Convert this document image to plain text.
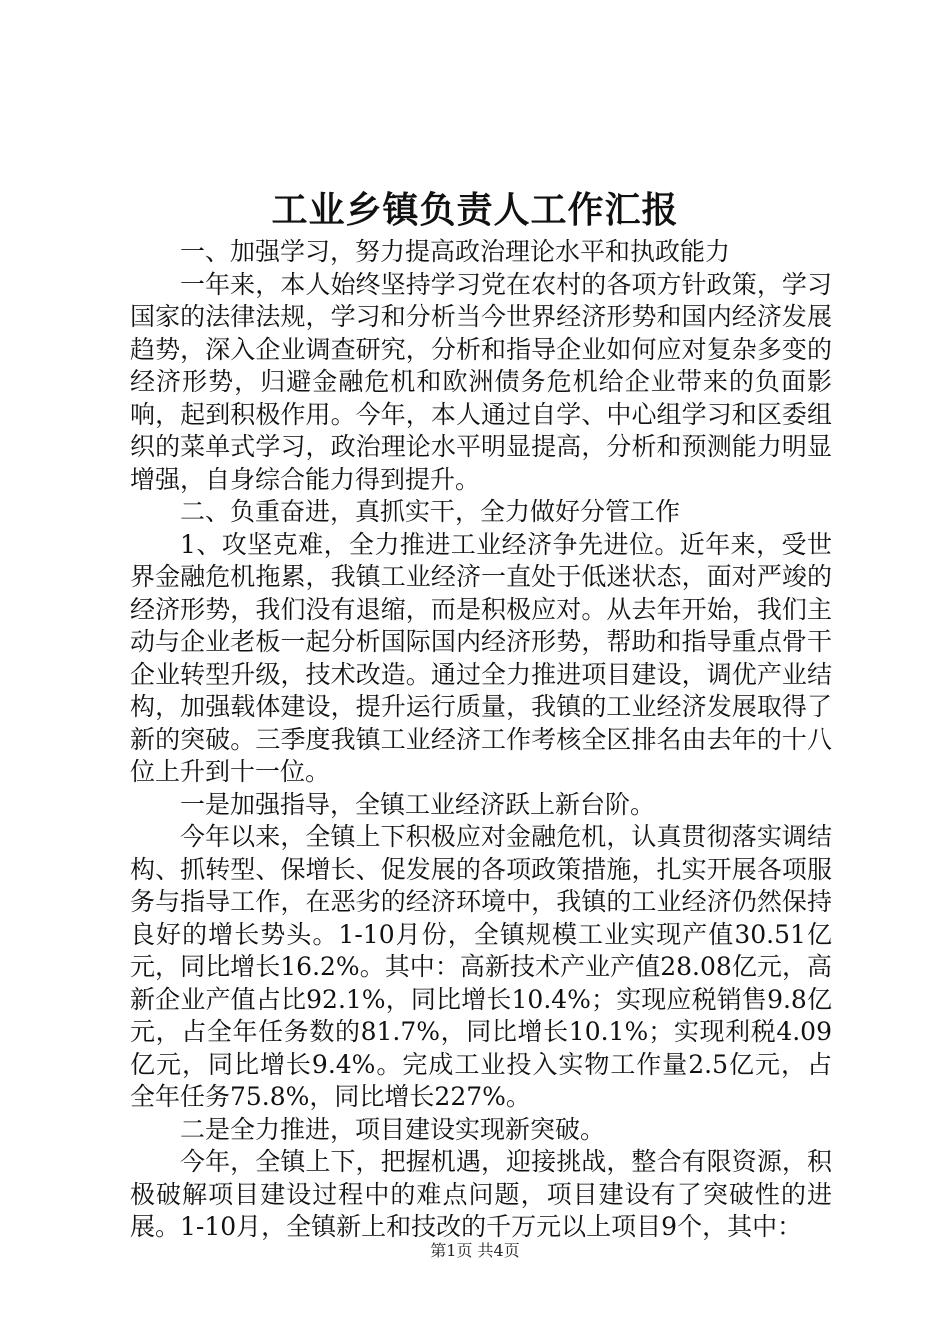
工业乡镇负责人工作汇报

一、加强学习，努力提高政治理论水平和执政能力

一年来，本人始终坚持学习党在农村的各项方针政策，学习国家的法律法规，学习和分析当今世界经济形势和国内经济发展趋势，深入企业调查研究，分析和指导企业如何应对复杂多变的经济形势，归避金融危机和欧洲债务危机给企业带来的负面影响，起到积极作用。今年，本人通过自学、中心组学习和区委组织的菜单式学习，政治理论水平明显提高，分析和预测能力明显增强，自身综合能力得到提升。

二、负重奋进，真抓实干，全力做好分管工作

1、攻坚克难，全力推进工业经济争先进位。近年来，受世界金融危机拖累，我镇工业经济一直处于低迷状态，面对严竣的经济形势，我们没有退缩，而是积极应对。从去年开始，我们主动与企业老板一起分析国际国内经济形势，帮助和指导重点骨干企业转型升级，技术改造。通过全力推进项目建设，调优产业结构，加强载体建设，提升运行质量，我镇的工业经济发展取得了新的突破。三季度我镇工业经济工作考核全区排名由去年的十八位上升到十一位。

一是加强指导，全镇工业经济跃上新台阶。

今年以来，全镇上下积极应对金融危机，认真贯彻落实调结构、抓转型、保增长、促发展的各项政策措施，扎实开展各项服务与指导工作，在恶劣的经济环境中，我镇的工业经济仍然保持良好的增长势头。1-10月份，全镇规模工业实现产值30.51亿元，同比增长16.2%。其中：高新技术产业产值28.08亿元，高新企业产值占比92.1%，同比增长10.4%；实现应税销售9.8亿元，占全年任务数的81.7%，同比增长10.1%；实现利税4.09亿元，同比增长9.4%。完成工业投入实物工作量2.5亿元，占全年任务75.8%，同比增长227%。

二是全力推进，项目建设实现新突破。

今年，全镇上下，把握机遇，迎接挑战，整合有限资源，积极破解项目建设过程中的难点问题，项目建设有了突破性的进展。1-10月，全镇新上和技改的千万元以上项目9个，其中：

第1页 共4页
